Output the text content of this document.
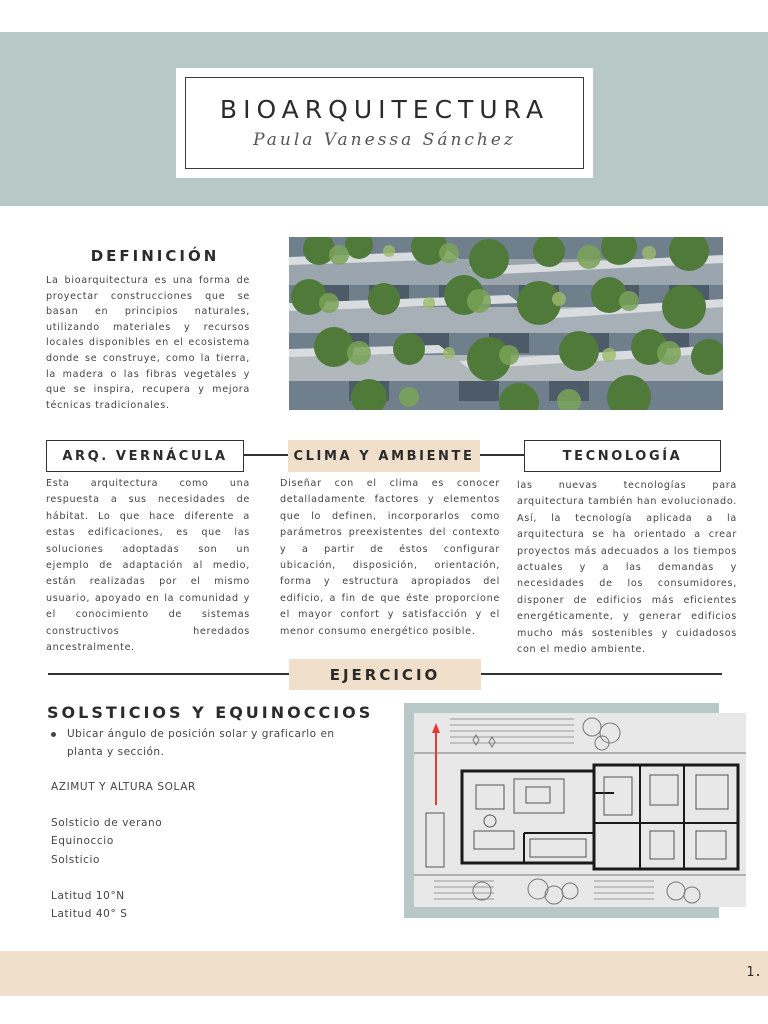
BIOARQUITECTURA
Paula Vanessa Sánchez
DEFINICIÓN
La bioarquitectura es una forma de proyectar construcciones que se basan en principios naturales, utilizando materiales y recursos locales disponibles en el ecosistema donde se construye, como la tierra, la madera o las fibras vegetales y que se inspira, recupera y mejora técnicas tradicionales.
ARQ. VERNÁCULA	CLIMA Y AMBIENTE	TECNOLOGÍA
Esta arquitectura como una respuesta a sus necesidades de hábitat. Lo que hace diferente a estas edificaciones, es que las soluciones adoptadas son un ejemplo de adaptación al medio, están realizadas por el mismo usuario, apoyado en la comunidad y el conocimiento de sistemas constructivos heredados ancestralmente.
Diseñar con el clima es conocer detalladamente factores y elementos que lo definen, incorporarlos como parámetros preexistentes del contexto y a partir de éstos configurar ubicación, disposición, orientación, forma y estructura apropiados del edificio, a fin de que éste proporcione el mayor confort y satisfacción y el menor consumo energético posible.
las nuevas tecnologías para arquitectura también han evolucionado. Así, la tecnología aplicada a la arquitectura se ha orientado a crear proyectos más adecuados a los tiempos actuales y a las demandas y necesidades de los consumidores, disponer de edificios más eficientes energéticamente, y generar edificios mucho más sostenibles y cuidadosos con el medio ambiente.
EJERCICIO
SOLSTICIOS Y EQUINOCCIOS
Ubicar ángulo de posición solar y graficarlo en planta y sección.
AZIMUT Y ALTURA SOLAR
Solsticio de verano
Equinoccio
Solsticio
Latitud 10°N
Latitud 40° S
1.
